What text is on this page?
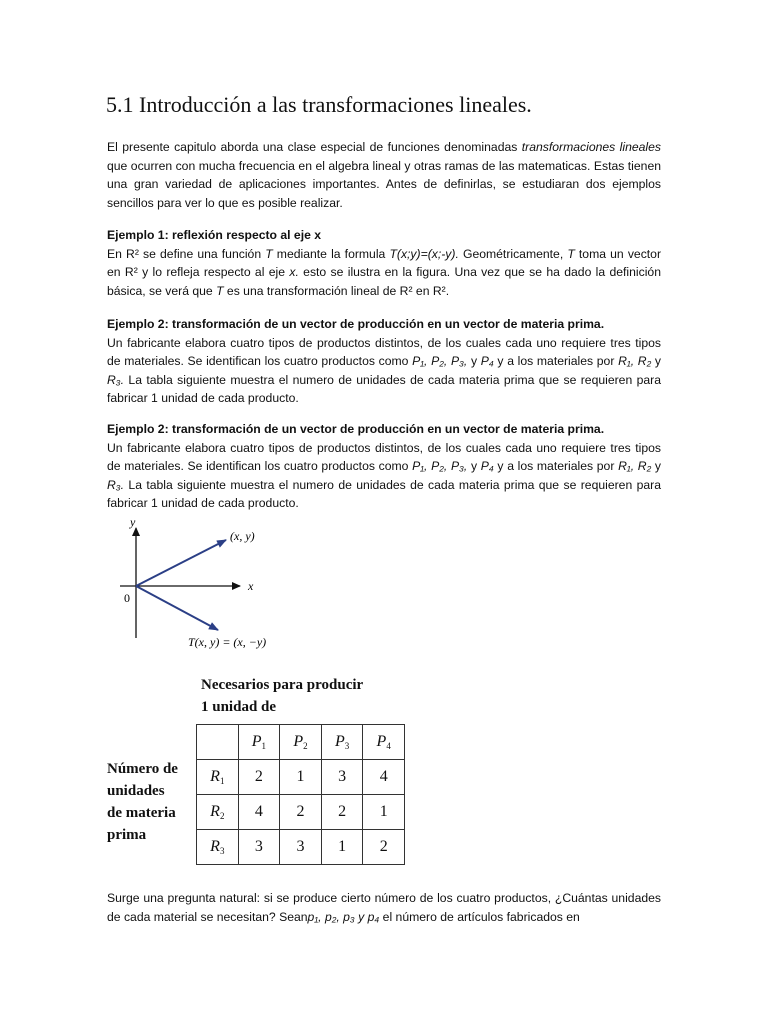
5.1 Introducción a las transformaciones lineales.

El presente capitulo aborda una clase especial de funciones denominadas transformaciones lineales que ocurren con mucha frecuencia en el algebra lineal y otras ramas de las matematicas. Estas tienen una gran variedad de aplicaciones importantes. Antes de definirlas, se estudiaran dos ejemplos sencillos para ver lo que es posible realizar.

Ejemplo 1: reflexión respecto al eje x
En R² se define una función T mediante la formula T(x;y)=(x;-y). Geométricamente, T toma un vector en R² y lo refleja respecto al eje x. esto se ilustra en la figura. Una vez que se ha dado la definición básica, se verá que T es una transformación lineal de R² en R².

Ejemplo 2: transformación de un vector de producción en un vector de materia prima.
Un fabricante elabora cuatro tipos de productos distintos, de los cuales cada uno requiere tres tipos de materiales. Se identifican los cuatro productos como P₁, P₂, P₃, y P₄ y a los materiales por R₁, R₂ y R₃. La tabla siguiente muestra el numero de unidades de cada materia prima que se requieren para fabricar 1 unidad de cada producto.

Ejemplo 2: transformación de un vector de producción en un vector de materia prima.
Un fabricante elabora cuatro tipos de productos distintos, de los cuales cada uno requiere tres tipos de materiales. Se identifican los cuatro productos como P₁, P₂, P₃, y P₄ y a los materiales por R₁, R₂ y R₃. La tabla siguiente muestra el numero de unidades de cada materia prima que se requieren para fabricar 1 unidad de cada producto.

y
x
0
(x, y)
T(x, y) = (x, −y)
Necesarios para producir
1 unidad de
Número de
unidades
de materia
prima
	$P_1$	$P_2$	$P_3$	$P_4$
$R_1$	2	1	3	4
$R_2$	4	2	2	1
$R_3$	3	3	1	2

Surge una pregunta natural: si se produce cierto número de los cuatro productos, ¿Cuántas unidades de cada material se necesitan? Seanp₁, p₂, p₃ y p₄ el número de artículos fabricados en
